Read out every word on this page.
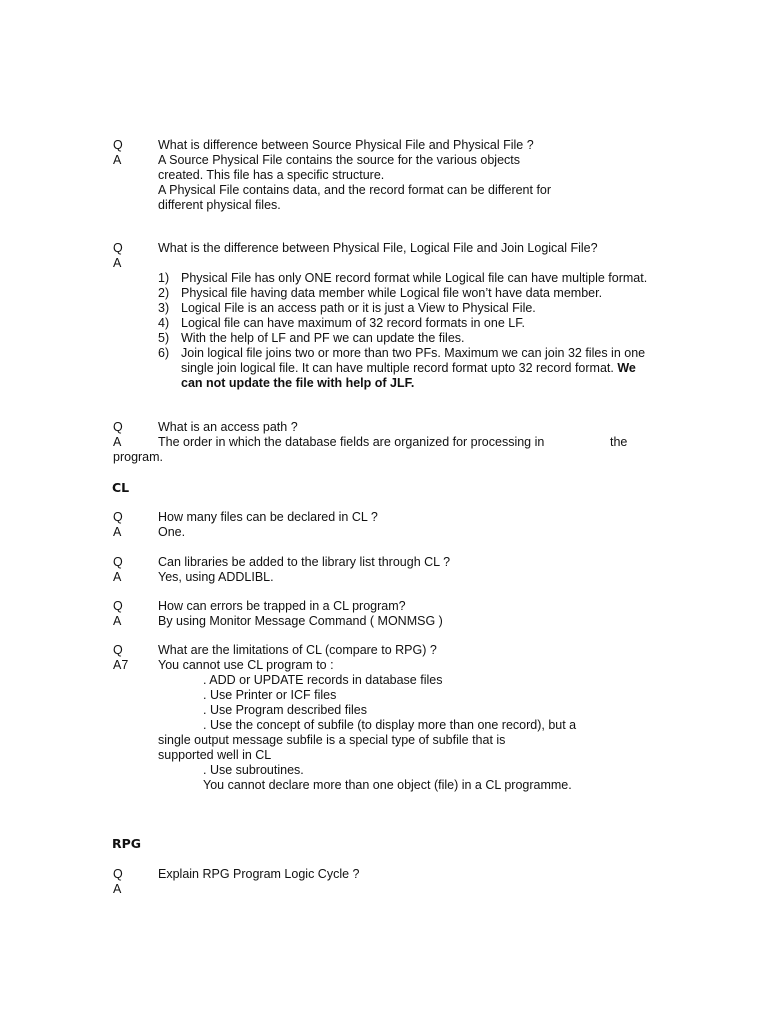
Q	What is difference between Source Physical File and Physical File ?
A	A Source Physical File contains the source for the various objects
created. This file has a specific structure.
A Physical File contains data, and the record format can be different for
different physical files.
Q	What is the difference between Physical File, Logical File and Join Logical File?
A
1) Physical File has only ONE record format while Logical file can have multiple format.
2) Physical file having data member while Logical file won’t have data member.
3) Logical File is an access path or it is just a View to Physical File.
4) Logical file can have maximum of 32 record formats in one LF.
5) With the help of LF and PF we can update the files.
6) Join logical file joins two or more than two PFs. Maximum we can join 32 files in one
single join logical file. It can have multiple record format upto 32 record format. We
can not update the file with help of JLF.
Q	What is an access path ?
A	The order in which the database fields are organized for processing in	the
program.
CL
Q	How many files can be declared in CL ?
A	One.
Q	Can libraries be added to the library list through CL ?
A	Yes, using ADDLIBL.
Q	How can errors be trapped in a CL program?
A	By using Monitor Message Command ( MONMSG )
Q	What are the limitations of CL (compare to RPG) ?
A7 You cannot use CL program to :
. ADD or UPDATE records in database files
. Use Printer or ICF files
. Use Program described files
. Use the concept of subfile (to display more than one record), but a
single output message subfile is a special type of subfile that is
supported well in CL
. Use subroutines.
You cannot declare more than one object (file) in a CL programme.
RPG
Q	Explain RPG Program Logic Cycle ?
A
